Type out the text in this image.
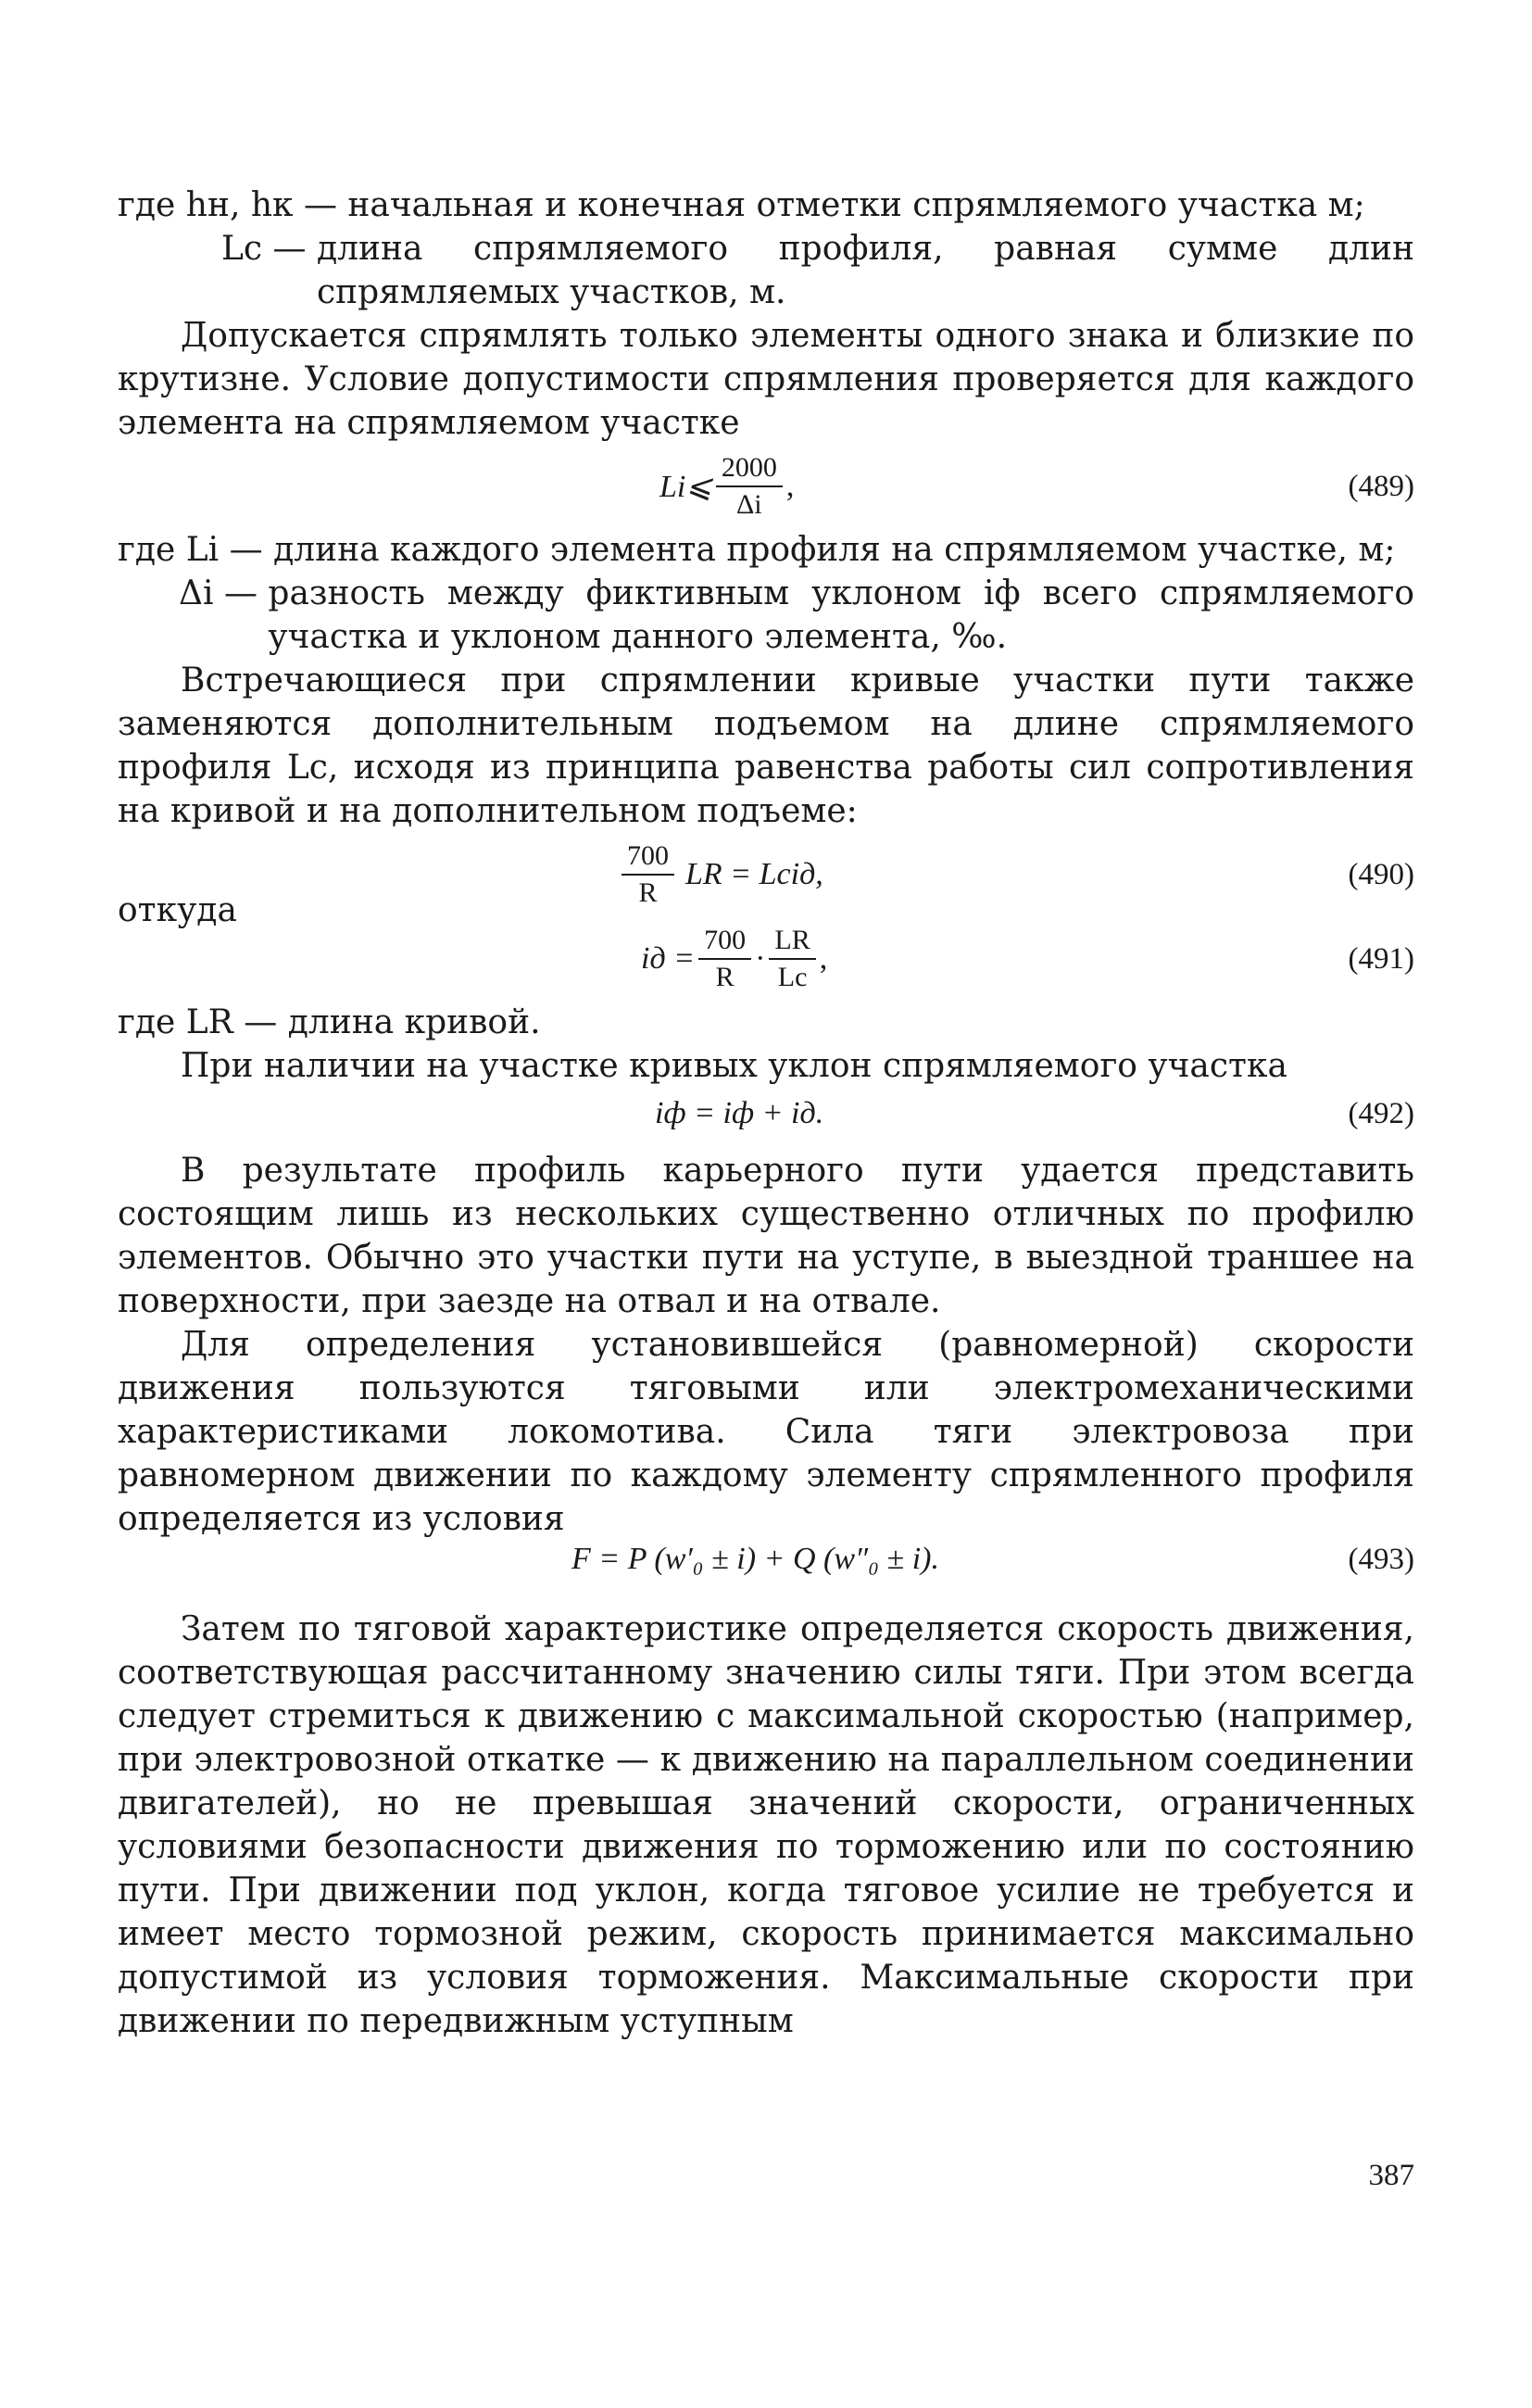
где hн, hк — начальная и конечная отметки спрямляемого участка м;
Lс — длина спрямляемого профиля, равная сумме длин спрямляемых участков, м.

Допускается спрямлять только элементы одного знака и близкие по крутизне. Условие допустимости спрямления проверяется для каждого элемента на спрямляемом участке

Li⩽ $\frac{2000}{\Delta i}$ ,	(489)
где Li — длина каждого элемента профиля на спрямляемом участке, м;
Δi — разность между фиктивным уклоном iф всего спрямляемого участка и уклоном данного элемента, ‰.

Встречающиеся при спрямлении кривые участки пути также заменяются дополнительным подъемом на длине спрямляемого профиля Lс, исходя из принципа равенства работы сил сопротивления на кривой и на дополнительном подъеме:

$\frac{700}{R}$ LR = Lсiд,	(490)

откуда

iд = $\frac{700}{R} \cdot \frac{LR}{Lс}$ ,	(491)
где LR — длина кривой.

При наличии на участке кривых уклон спрямляемого участка

iф = iф + iд.	(492)

В результате профиль карьерного пути удается представить состоящим лишь из нескольких существенно отличных по профилю элементов. Обычно это участки пути на уступе, в выездной траншее на поверхности, при заезде на отвал и на отвале.

Для определения установившейся (равномерной) скорости движения пользуются тяговыми или электромеханическими характеристиками локомотива. Сила тяги электровоза при равномерном движении по каждому элементу спрямленного профиля определяется из условия

F = P (w′₀ ± i) + Q (w″₀ ± i).	(493)

Затем по тяговой характеристике определяется скорость движения, соответствующая рассчитанному значению силы тяги. При этом всегда следует стремиться к движению с максимальной скоростью (например, при электровозной откатке — к движению на параллельном соединении двигателей), но не превышая значений скорости, ограниченных условиями безопасности движения по торможению или по состоянию пути. При движении под уклон, когда тяговое усилие не требуется и имеет место тормозной режим, скорость принимается максимально допустимой из условия торможения. Максимальные скорости при движении по передвижным уступным

387
